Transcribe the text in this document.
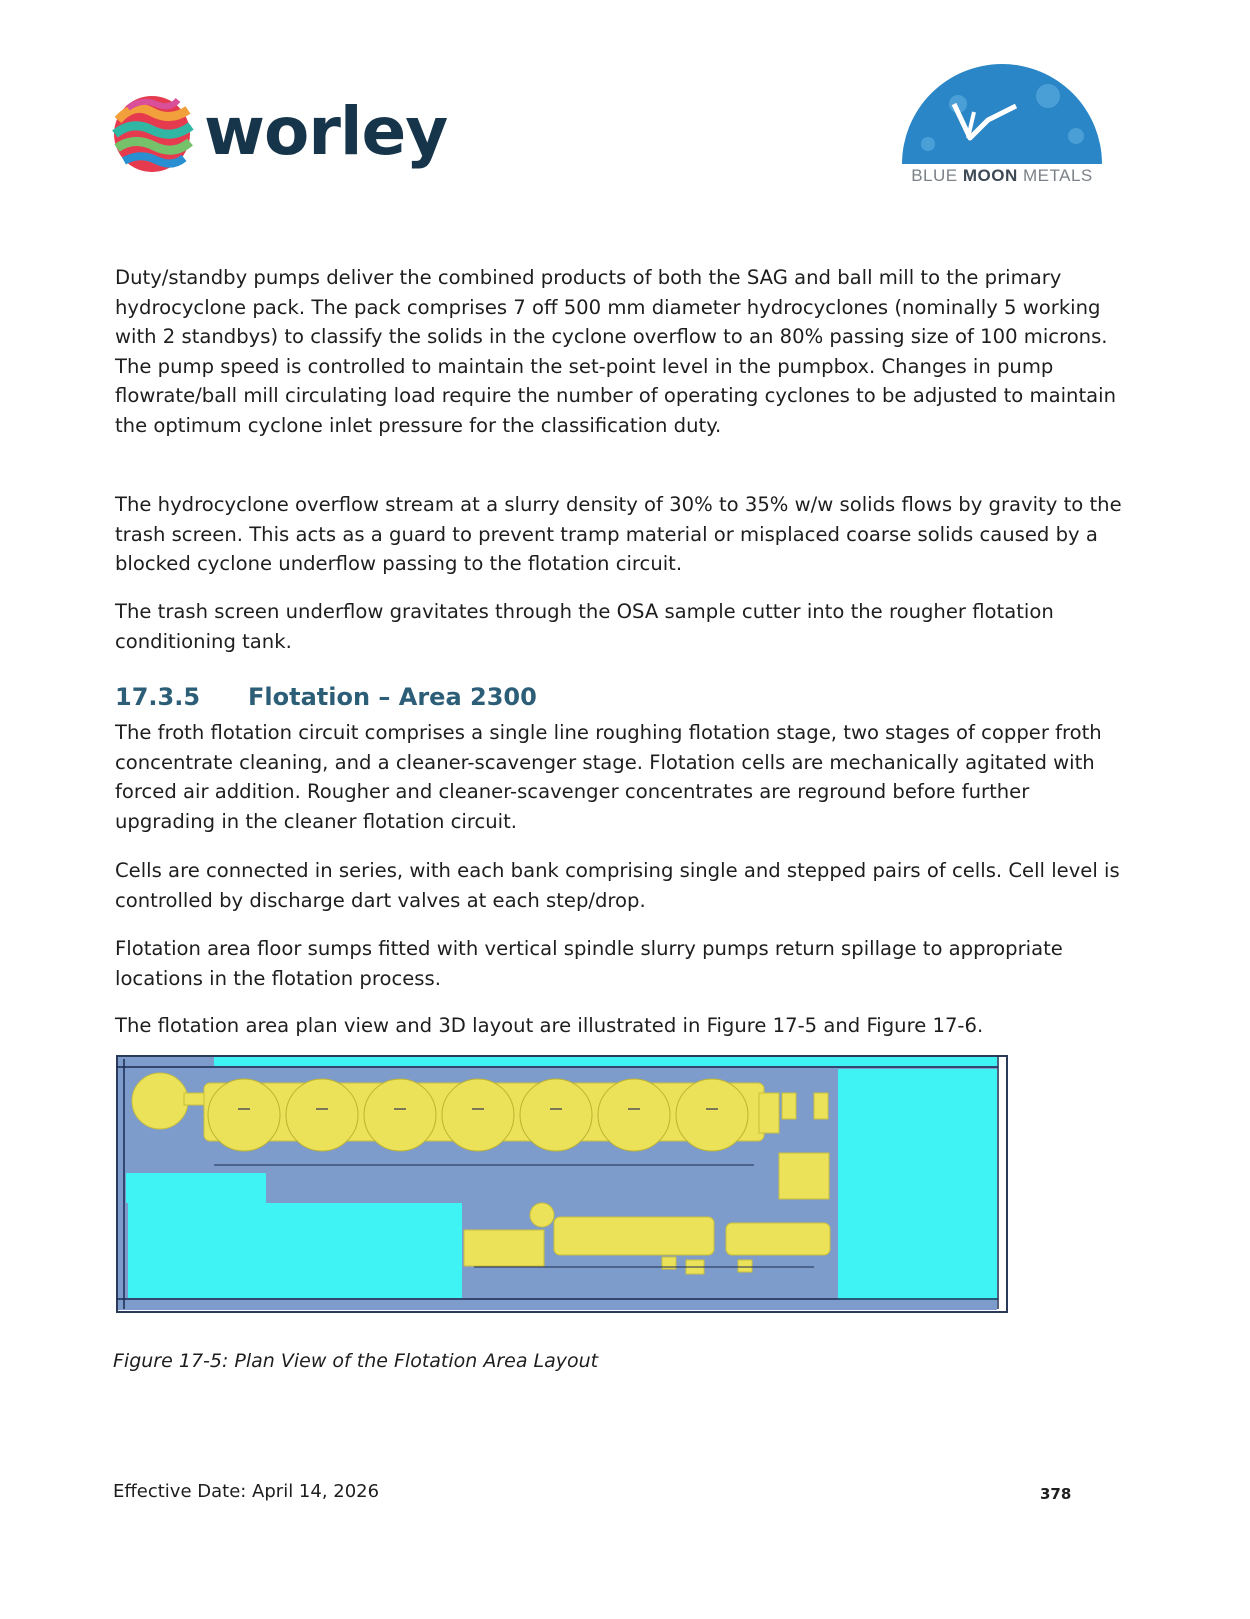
worley
BLUE MOON METALS

Duty/standby pumps deliver the combined products of both the SAG and ball mill to the primary hydrocyclone pack. The pack comprises 7 off 500 mm diameter hydrocyclones (nominally 5 working with 2 standbys) to classify the solids in the cyclone overflow to an 80% passing size of 100 microns. The pump speed is controlled to maintain the set-point level in the pumpbox. Changes in pump flowrate/ball mill circulating load require the number of operating cyclones to be adjusted to maintain the optimum cyclone inlet pressure for the classification duty.

The hydrocyclone overflow stream at a slurry density of 30% to 35% w/w solids flows by gravity to the trash screen. This acts as a guard to prevent tramp material or misplaced coarse solids caused by a blocked cyclone underflow passing to the flotation circuit.

The trash screen underflow gravitates through the OSA sample cutter into the rougher flotation conditioning tank.

17.3.5 Flotation – Area 2300

The froth flotation circuit comprises a single line roughing flotation stage, two stages of copper froth concentrate cleaning, and a cleaner-scavenger stage. Flotation cells are mechanically agitated with forced air addition. Rougher and cleaner-scavenger concentrates are reground before further upgrading in the cleaner flotation circuit.

Cells are connected in series, with each bank comprising single and stepped pairs of cells. Cell level is controlled by discharge dart valves at each step/drop.

Flotation area floor sumps fitted with vertical spindle slurry pumps return spillage to appropriate locations in the flotation process.

The flotation area plan view and 3D layout are illustrated in Figure 17-5 and Figure 17-6.

Figure 17-5: Plan View of the Flotation Area Layout
Effective Date: April 14, 2026	378
